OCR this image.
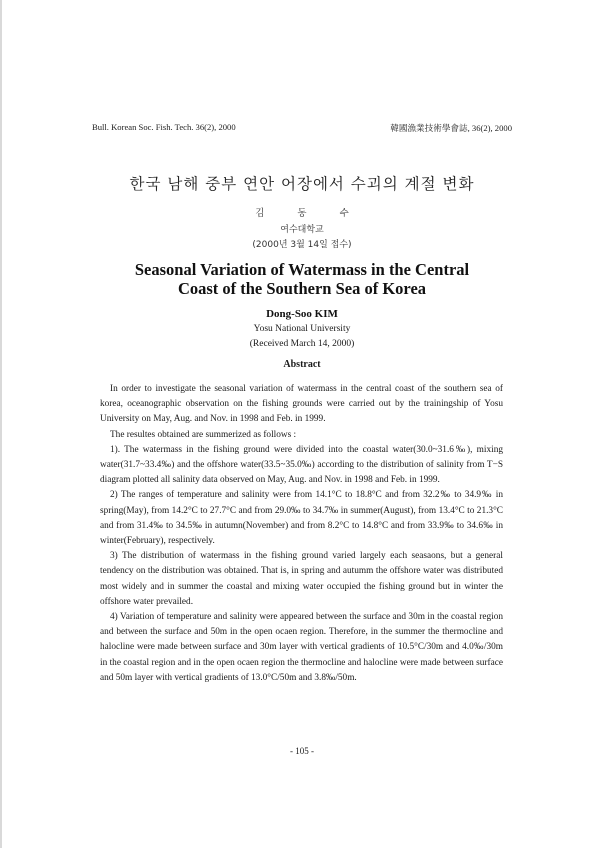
Bull. Korean Soc. Fish. Tech. 36(2), 2000	韓國漁業技術學會誌, 36(2), 2000
한국 남해 중부 연안 어장에서 수괴의 계절 변화
김 동 수
여수대학교
(2000년 3월 14일 접수)
Seasonal Variation of Watermass in the Central
Coast of the Southern Sea of Korea
Dong-Soo KIM
Yosu National University
(Received March 14, 2000)
Abstract

In order to investigate the seasonal variation of watermass in the central coast of the southern sea of korea, oceanographic observation on the fishing grounds were carried out by the trainingship of Yosu University on May, Aug. and Nov. in 1998 and Feb. in 1999.

The resultes obtained are summerized as follows :

1). The watermass in the fishing ground were divided into the coastal water(30.0~31.6‰), mixing water(31.7~33.4‰) and the offshore water(33.5~35.0‰) according to the distribution of salinity from T−S diagram plotted all salinity data observed on May, Aug. and Nov. in 1998 and Feb. in 1999.

2) The ranges of temperature and salinity were from 14.1°C to 18.8°C and from 32.2‰ to 34.9‰ in spring(May), from 14.2°C to 27.7°C and from 29.0‰ to 34.7‰ in summer(August), from 13.4°C to 21.3°C and from 31.4‰ to 34.5‰ in autumn(November) and from 8.2°C to 14.8°C and from 33.9‰ to 34.6‰ in winter(February), respectively.

3) The distribution of watermass in the fishing ground varied largely each seasaons, but a general tendency on the distribution was obtained. That is, in spring and autumm the offshore water was distributed most widely and in summer the coastal and mixing water occupied the fishing ground but in winter the offshore water prevailed.

4) Variation of temperature and salinity were appeared between the surface and 30m in the coastal region and between the surface and 50m in the open ocaen region. Therefore, in the summer the thermocline and halocline were made between surface and 30m layer with vertical gradients of 10.5°C/30m and 4.0‰/30m in the coastal region and in the open ocaen region the thermocline and halocline were made between surface and 50m layer with vertical gradients of 13.0°C/50m and 3.8‰/50m.

- 105 -
